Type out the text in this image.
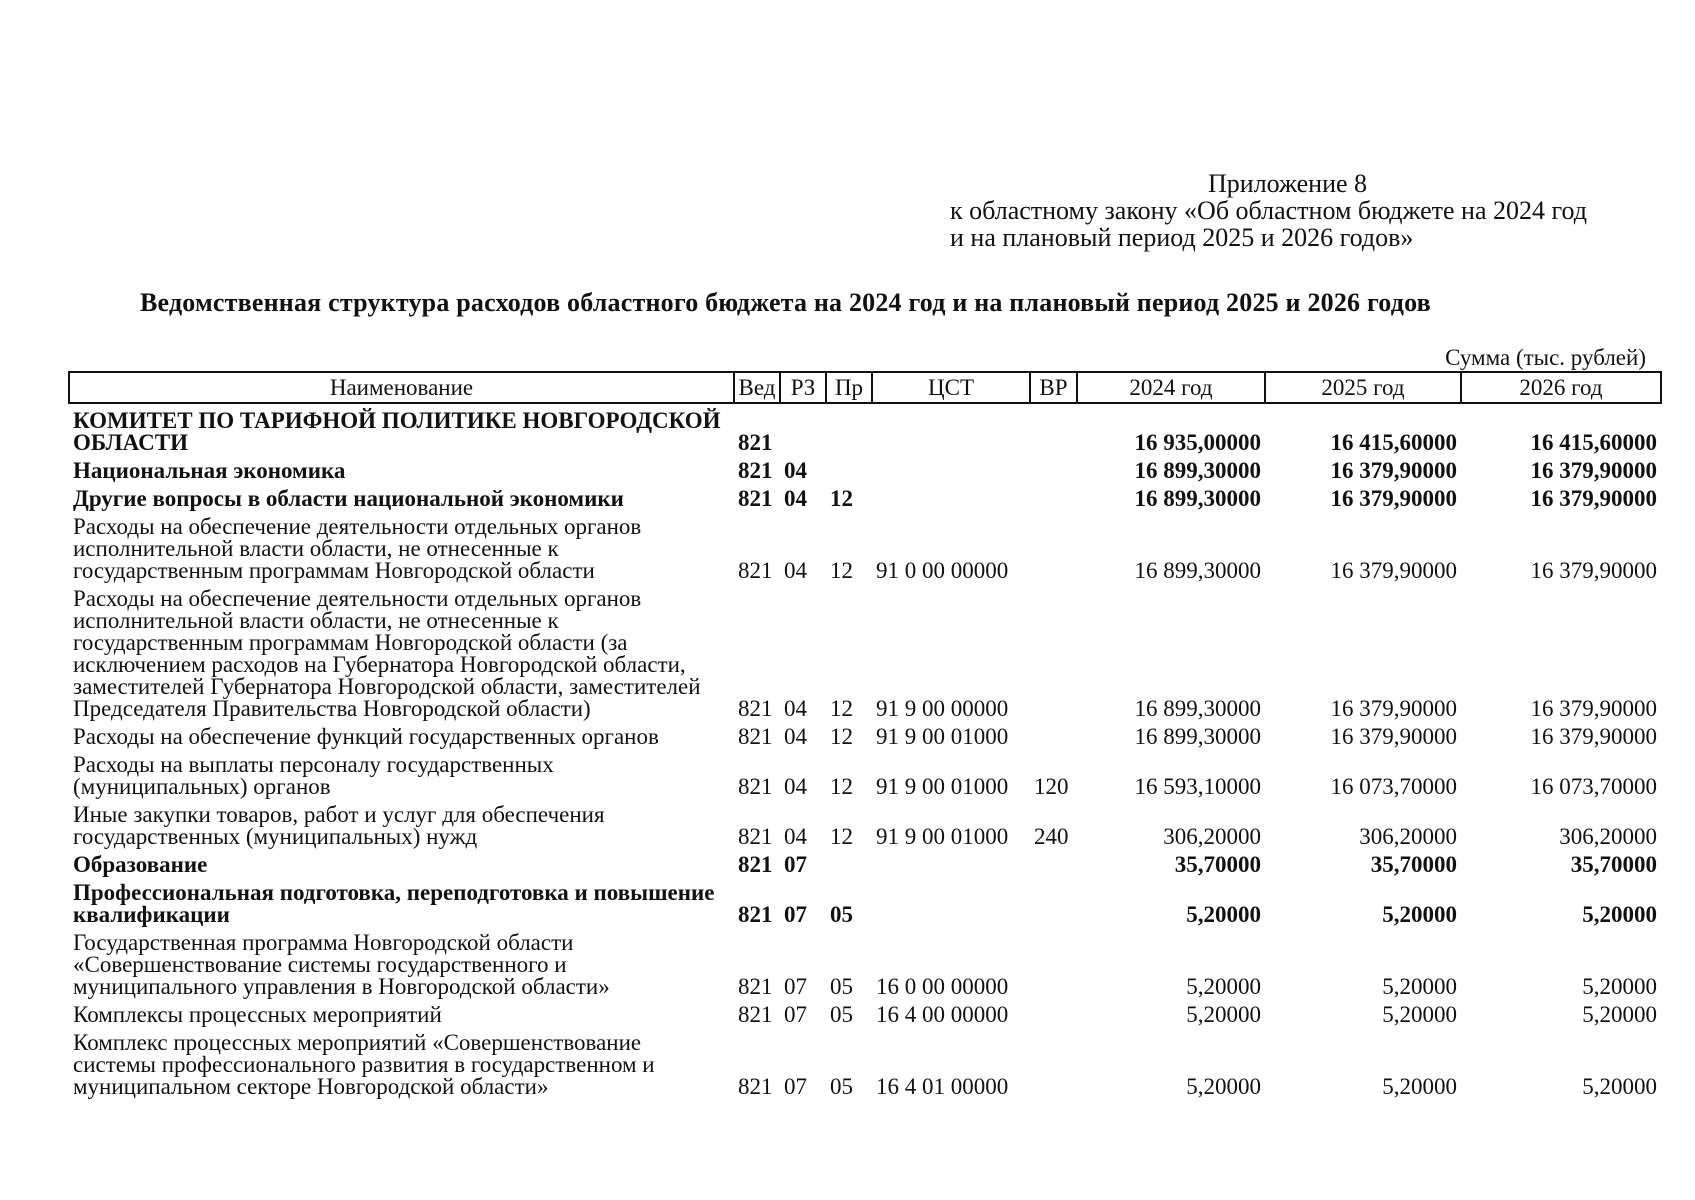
Приложение 8
к областному закону «Об областном бюджете на 2024 год
и на плановый период 2025 и 2026 годов»
Ведомственная структура расходов областного бюджета на 2024 год и на плановый период 2025 и 2026 годов
Сумма (тыс. рублей)
Наименование	Вед	РЗ	Пр	ЦСТ	ВР	2024 год	2025 год	2026 год
КОМИТЕТ ПО ТАРИФНОЙ ПОЛИТИКЕ НОВГОРОДСКОЙ ОБЛАСТИ	821					16 935,00000	16 415,60000	16 415,60000
Национальная экономика	821	04				16 899,30000	16 379,90000	16 379,90000
Другие вопросы в области национальной экономики	821	04	12			16 899,30000	16 379,90000	16 379,90000
Расходы на обеспечение деятельности отдельных органов исполнительной власти области, не отнесенные к государственным программам Новгородской области	821	04	12	91 0 00 00000		16 899,30000	16 379,90000	16 379,90000
Расходы на обеспечение деятельности отдельных органов исполнительной власти области, не отнесенные к государственным программам Новгородской области (за исключением расходов на Губернатора Новгородской области, заместителей Губернатора Новгородской области, заместителей Председателя Правительства Новгородской области)	821	04	12	91 9 00 00000		16 899,30000	16 379,90000	16 379,90000
Расходы на обеспечение функций государственных органов	821	04	12	91 9 00 01000		16 899,30000	16 379,90000	16 379,90000
Расходы на выплаты персоналу государственных (муниципальных) органов	821	04	12	91 9 00 01000	120	16 593,10000	16 073,70000	16 073,70000
Иные закупки товаров, работ и услуг для обеспечения государственных (муниципальных) нужд	821	04	12	91 9 00 01000	240	306,20000	306,20000	306,20000
Образование	821	07				35,70000	35,70000	35,70000
Профессиональная подготовка, переподготовка и повышение квалификации	821	07	05			5,20000	5,20000	5,20000
Государственная программа Новгородской области «Совершенствование системы государственного и муниципального управления в Новгородской области»	821	07	05	16 0 00 00000		5,20000	5,20000	5,20000
Комплексы процессных мероприятий	821	07	05	16 4 00 00000		5,20000	5,20000	5,20000
Комплекс процессных мероприятий «Совершенствование системы профессионального развития в государственном и муниципальном секторе Новгородской области»	821	07	05	16 4 01 00000		5,20000	5,20000	5,20000
